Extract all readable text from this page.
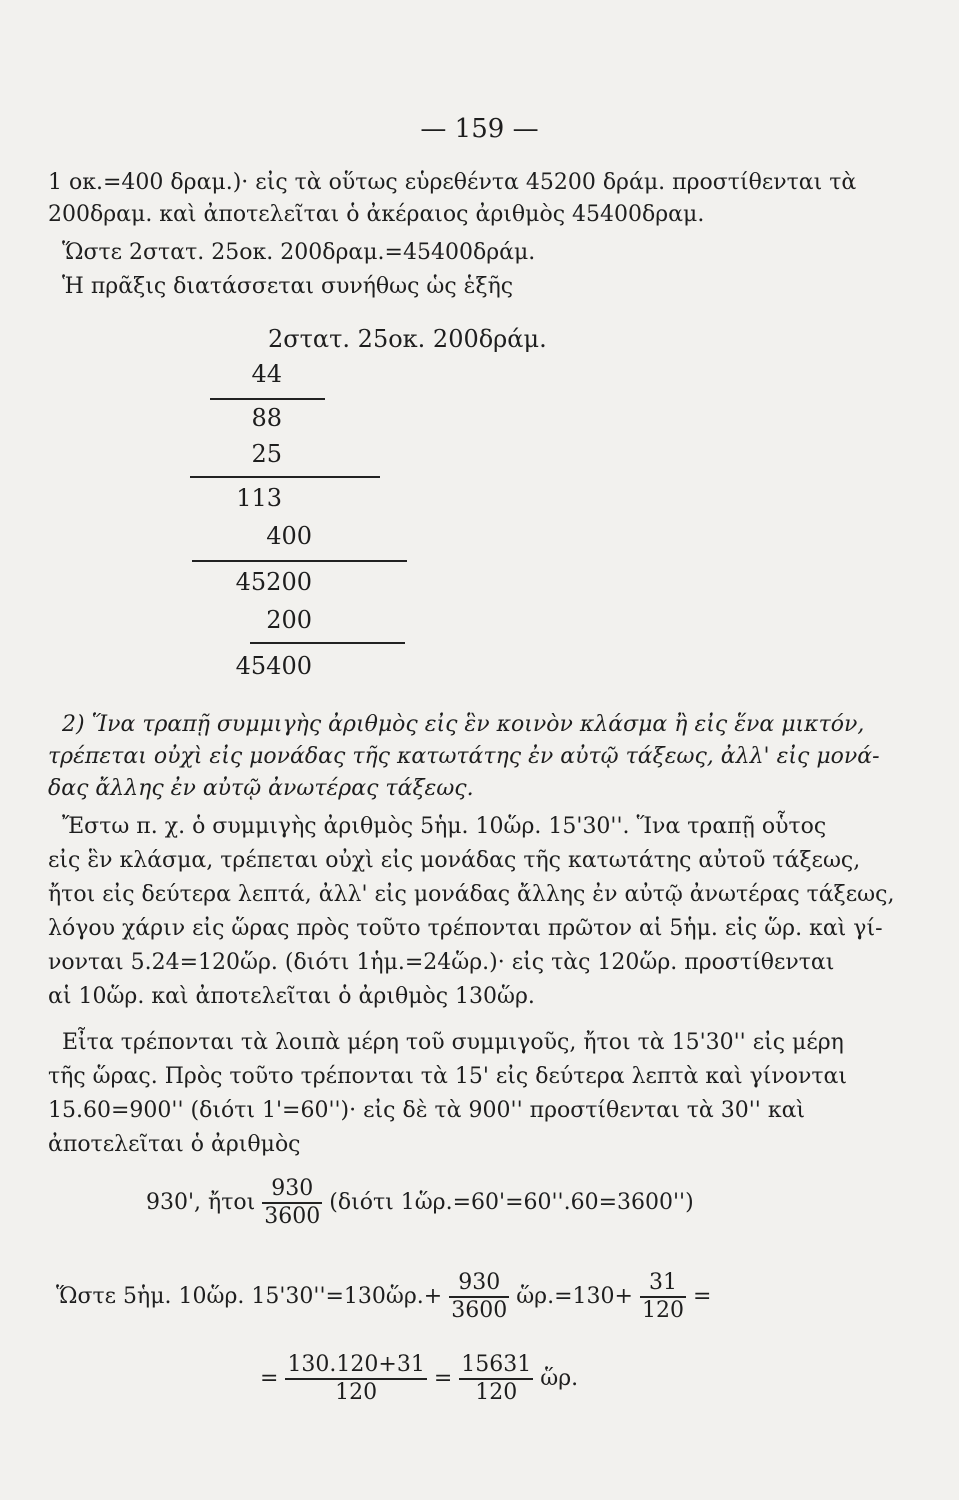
— 159 —
1 οκ.=400 δραμ.)· εἰς τὰ οὕτως εὑρεθέντα 45200 δράμ. προστίθενται τὰ
200δραμ. καὶ ἀποτελεῖται ὁ ἀκέραιος ἀριθμὸς 45400δραμ.
Ὥστε 2στατ. 25οκ. 200δραμ.=45400δράμ.
Ἡ πρᾶξις διατάσσεται συνήθως ὡς ἑξῆς
2στατ. 25οκ. 200δράμ.
44
88
25
113
400
45200
200
45400
2) Ἵνα τραπῇ συμμιγὴς ἀριθμὸς εἰς ἓν κοινὸν κλάσμα ἢ εἰς ἕνα μικτόν,
τρέπεται οὐχὶ εἰς μονάδας τῆς κατωτάτης ἐν αὐτῷ τάξεως, ἀλλ' εἰς μονά-
δας ἄλλης ἐν αὐτῷ ἀνωτέρας τάξεως.
Ἔστω π. χ. ὁ συμμιγὴς ἀριθμὸς 5ἡμ. 10ὥρ. 15'30''. Ἵνα τραπῇ οὗτος
εἰς ἓν κλάσμα, τρέπεται οὐχὶ εἰς μονάδας τῆς κατωτάτης αὐτοῦ τάξεως,
ἤτοι εἰς δεύτερα λεπτά, ἀλλ' εἰς μονάδας ἄλλης ἐν αὐτῷ ἀνωτέρας τάξεως,
λόγου χάριν εἰς ὥρας πρὸς τοῦτο τρέπονται πρῶτον αἱ 5ἡμ. εἰς ὥρ. καὶ γί-
νονται 5.24=120ὥρ. (διότι 1ἡμ.=24ὥρ.)· εἰς τὰς 120ὥρ. προστίθενται
αἱ 10ὥρ. καὶ ἀποτελεῖται ὁ ἀριθμὸς 130ὥρ.
Εἶτα τρέπονται τὰ λοιπὰ μέρη τοῦ συμμιγοῦς, ἤτοι τὰ 15'30'' εἰς μέρη
τῆς ὥρας. Πρὸς τοῦτο τρέπονται τὰ 15' εἰς δεύτερα λεπτὰ καὶ γίνονται
15.60=900'' (διότι 1'=60'')· εἰς δὲ τὰ 900'' προστίθενται τὰ 30'' καὶ
ἀποτελεῖται ὁ ἀριθμὸς
930', ἤτοι $\frac{930}{3600} (\delta\iota ό\tau\iota$ 1ὥρ.=60'=60''.60=3600'')
Ὥστε 5ἡμ. 10ὥρ. 15'30''=130ὥρ.+ $\frac{930}{3600}$ ὥρ.=130+ $\frac{31}{120}$ =
= $\frac{130.120+31}{120} = \frac{15631}{120}$ ὥρ.
